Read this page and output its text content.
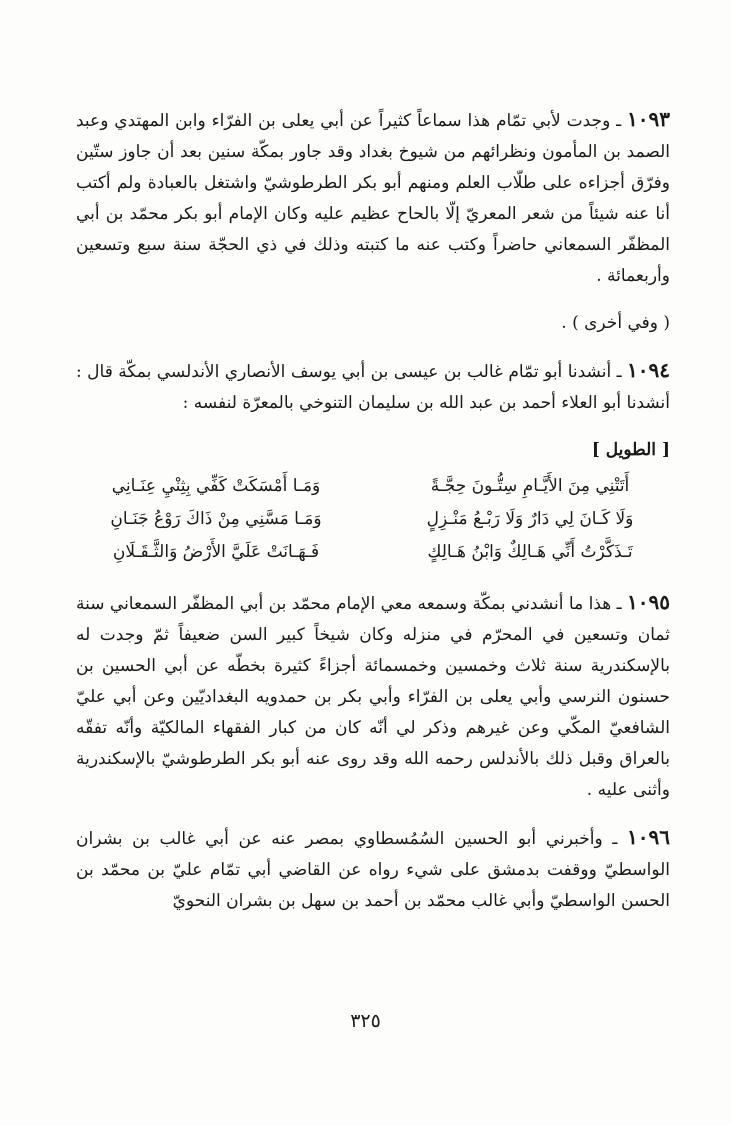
١٠٩٣ ـ وجدت لأبي تمّام هذا سماعاً كثيراً عن أبي يعلى بن الفرّاء وابن المهتدي وعبد الصمد بن المأمون ونظرائهم من شيوخ بغداد وقد جاور بمكّة سنين بعد أن جاوز ستّين وفرّق أجزاءه على طلّاب العلم ومنهم أبو بكر الطرطوشيّ واشتغل بالعبادة ولم أكتب أنا عنه شيئاً من شعر المعريّ إلّا بالحاح عظيم عليه وكان الإمام أبو بكر محمّد بن أبي المظفّر السمعاني حاضراً وكتب عنه ما كتبته وذلك في ذي الحجّة سنة سبع وتسعين وأربعمائة .

( وفي أخرى ) .

١٠٩٤ ـ أنشدنا أبو تمّام غالب بن عيسى بن أبي يوسف الأنصاري الأندلسي بمكّة قال : أنشدنا أبو العلاء أحمد بن عبد الله بن سليمان التنوخي بالمعرّة لنفسه :

[ الطويل ]
أَتَتْنِي مِنَ الأَيَّـامِ سِتُّـونَ حِجَّـةً
وَمَـا أَمْسَكَتْ كَفِّي بِثِنْيِ عِنَـانِي
وَلَا كَـانَ لِي دَارٌ وَلَا رَبْـعُ مَنْـزِلٍ
وَمَـا مَسَّنِي مِنْ ذَاكَ رَوْعُ جَنَـانِ
تَـذَكَّرْتُ أَنِّي هَـالِكٌ وَابْنُ هَـالِكٍ
فَـهَـانَتْ عَلَيَّ الأَرْضُ وَالثَّـقَـلَانِ

١٠٩٥ ـ هذا ما أنشدني بمكّة وسمعه معي الإمام محمّد بن أبي المظفّر السمعاني سنة ثمان وتسعين في المحرّم في منزله وكان شيخاً كبير السن ضعيفاً ثمّ وجدت له بالإسكندرية سنة ثلاث وخمسين وخمسمائة أجزاءً كثيرة بخطّه عن أبي الحسين بن حسنون النرسي وأبي يعلى بن الفرّاء وأبي بكر بن حمدويه البغداديّين وعن أبي عليّ الشافعيّ المكّي وعن غيرهم وذكر لي أنّه كان من كبار الفقهاء المالكيّة وأنّه تفقّه بالعراق وقبل ذلك بالأندلس رحمه الله وقد روى عنه أبو بكر الطرطوشيّ بالإسكندرية وأثنى عليه .

١٠٩٦ ـ وأخبرني أبو الحسين السُمُسطاوي بمصر عنه عن أبي غالب بن بشران الواسطيّ ووقفت بدمشق على شيء رواه عن القاضي أبي تمّام عليّ بن محمّد بن الحسن الواسطيّ وأبي غالب محمّد بن أحمد بن سهل بن بشران النحويّ

٣٢٥
